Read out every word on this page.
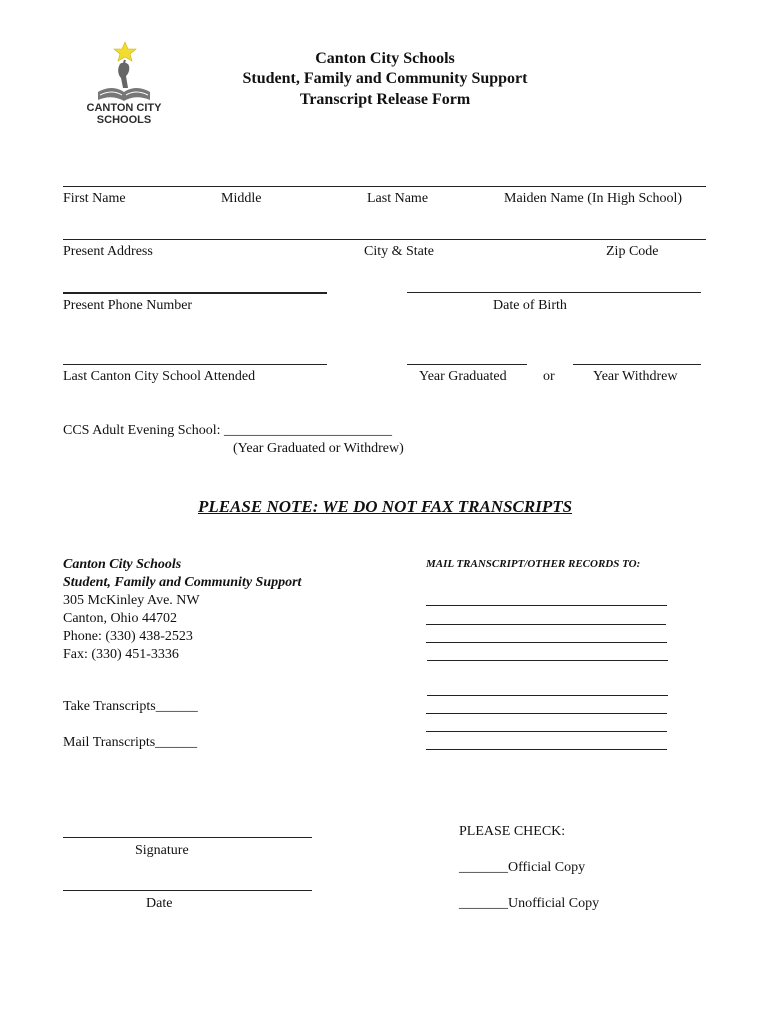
CANTON CITY
SCHOOLS
Canton City Schools
Student, Family and Community Support
Transcript Release Form
First Name	Middle	Last Name	Maiden Name (In High School)
Present Address	City & State	Zip Code
Present Phone Number	Date of Birth
Last Canton City School Attended	Year Graduated	or	Year Withdrew
CCS Adult Evening School: ________________________
(Year Graduated or Withdrew)
PLEASE NOTE: WE DO NOT FAX TRANSCRIPTS
Canton City Schools
Student, Family and Community Support
305 McKinley Ave. NW
Canton, Ohio 44702
Phone: (330) 438-2523
Fax: (330) 451-3336
MAIL TRANSCRIPT/OTHER RECORDS TO:
Take Transcripts______
Mail Transcripts______
Signature
Date
PLEASE CHECK:
_______Official Copy
_______Unofficial Copy
